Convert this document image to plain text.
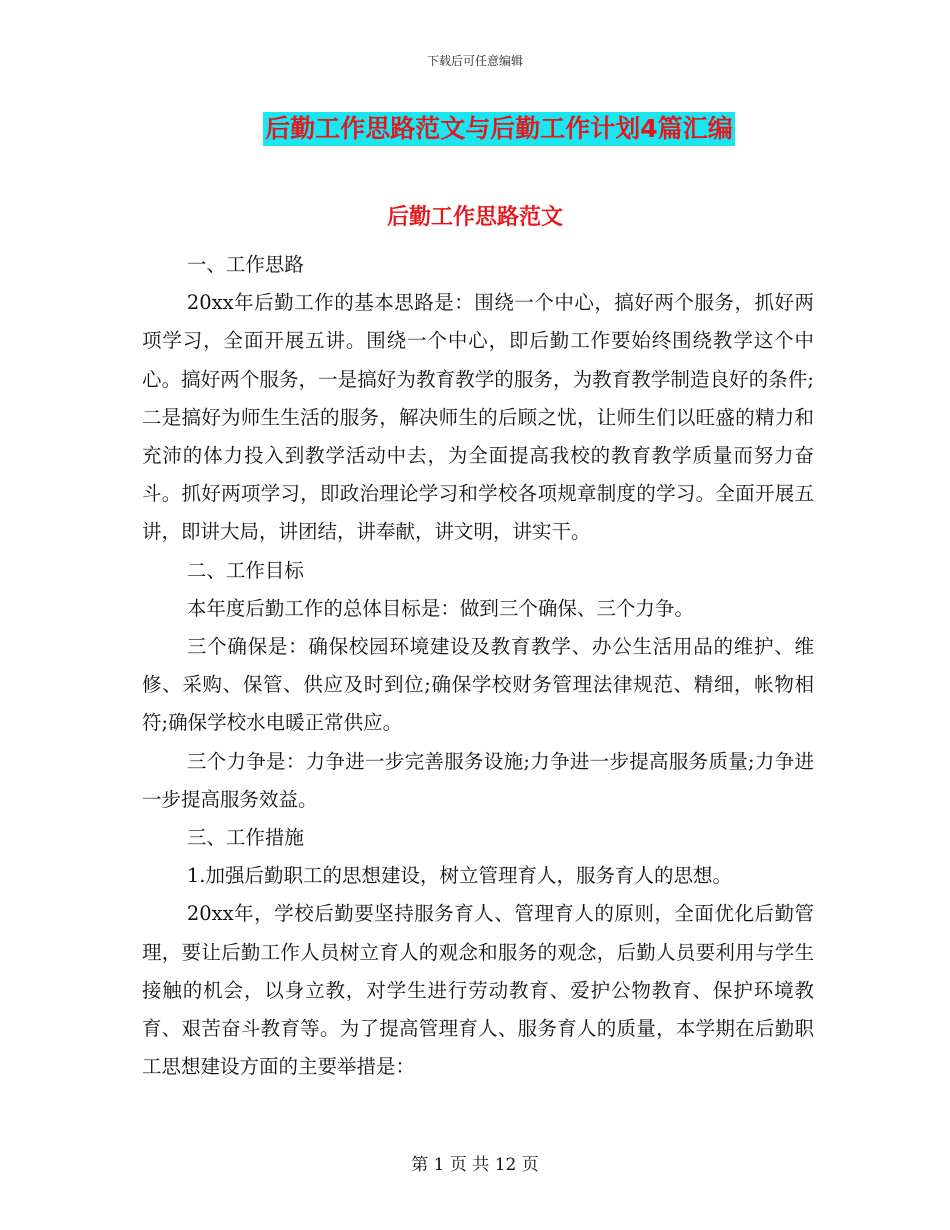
下载后可任意编辑
后勤工作思路范文与后勤工作计划4篇汇编
后勤工作思路范文

一、工作思路

20xx年后勤工作的基本思路是：围绕一个中心，搞好两个服务，抓好两项学习，全面开展五讲。围绕一个中心，即后勤工作要始终围绕教学这个中心。搞好两个服务，一是搞好为教育教学的服务，为教育教学制造良好的条件;二是搞好为师生生活的服务，解决师生的后顾之忧，让师生们以旺盛的精力和充沛的体力投入到教学活动中去，为全面提高我校的教育教学质量而努力奋斗。抓好两项学习，即政治理论学习和学校各项规章制度的学习。全面开展五讲，即讲大局，讲团结，讲奉献，讲文明，讲实干。

二、工作目标

本年度后勤工作的总体目标是：做到三个确保、三个力争。

三个确保是：确保校园环境建设及教育教学、办公生活用品的维护、维修、采购、保管、供应及时到位;确保学校财务管理法律规范、精细，帐物相符;确保学校水电暖正常供应。

三个力争是：力争进一步完善服务设施;力争进一步提高服务质量;力争进一步提高服务效益。

三、工作措施

1.加强后勤职工的思想建设，树立管理育人，服务育人的思想。

20xx年，学校后勤要坚持服务育人、管理育人的原则，全面优化后勤管理，要让后勤工作人员树立育人的观念和服务的观念，后勤人员要利用与学生接触的机会，以身立教，对学生进行劳动教育、爱护公物教育、保护环境教育、艰苦奋斗教育等。为了提高管理育人、服务育人的质量，本学期在后勤职工思想建设方面的主要举措是：

第 1 页 共 12 页
